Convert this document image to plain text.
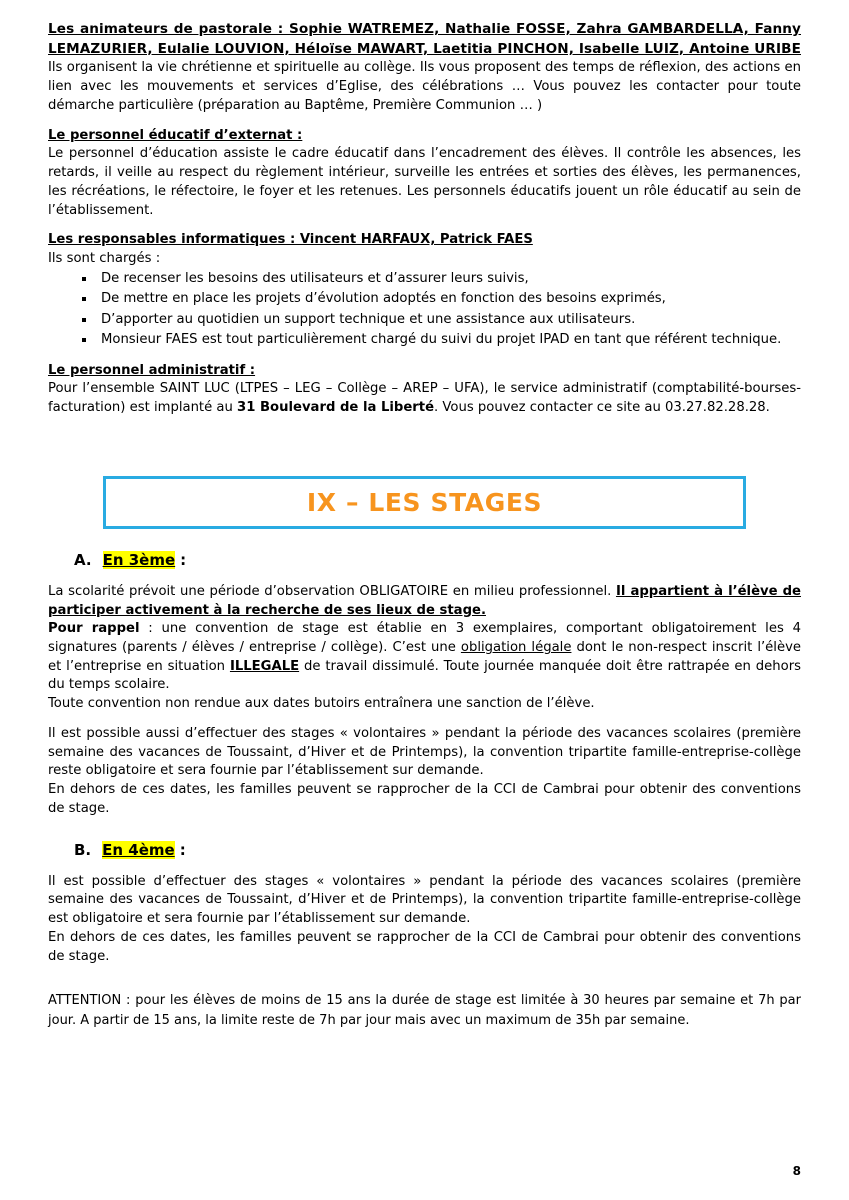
Les animateurs de pastorale : Sophie WATREMEZ, Nathalie FOSSE, Zahra GAMBARDELLA, Fanny
LEMAZURIER, Eulalie LOUVION, Héloïse MAWART, Laetitia PINCHON, Isabelle LUIZ, Antoine URIBE
Ils organisent la vie chrétienne et spirituelle au collège. Ils vous proposent des temps de réflexion, des actions en lien avec les mouvements et services d’Eglise, des célébrations … Vous pouvez les contacter pour toute démarche particulière (préparation au Baptême, Première Communion … )
Le personnel éducatif d’externat :
Le personnel d’éducation assiste le cadre éducatif dans l’encadrement des élèves. Il contrôle les absences, les retards, il veille au respect du règlement intérieur, surveille les entrées et sorties des élèves, les permanences, les récréations, le réfectoire, le foyer et les retenues. Les personnels éducatifs jouent un rôle éducatif au sein de l’établissement.
Les responsables informatiques : Vincent HARFAUX, Patrick FAES
Ils sont chargés :
De recenser les besoins des utilisateurs et d’assurer leurs suivis,
De mettre en place les projets d’évolution adoptés en fonction des besoins exprimés,
D’apporter au quotidien un support technique et une assistance aux utilisateurs.
Monsieur FAES est tout particulièrement chargé du suivi du projet IPAD en tant que référent technique.
Le personnel administratif :
Pour l’ensemble SAINT LUC (LTPES – LEG – Collège – AREP – UFA), le service administratif (comptabilité-bourses-facturation) est implanté au 31 Boulevard de la Liberté. Vous pouvez contacter ce site au 03.27.82.28.28.
IX – LES STAGES
A. En 3ème :
La scolarité prévoit une période d’observation OBLIGATOIRE en milieu professionnel. Il appartient à l’élève de participer activement à la recherche de ses lieux de stage.
Pour rappel : une convention de stage est établie en 3 exemplaires, comportant obligatoirement les 4 signatures (parents / élèves / entreprise / collège). C’est une obligation légale dont le non-respect inscrit l’élève et l’entreprise en situation ILLEGALE de travail dissimulé. Toute journée manquée doit être rattrapée en dehors du temps scolaire.
Toute convention non rendue aux dates butoirs entraînera une sanction de l’élève.
Il est possible aussi d’effectuer des stages « volontaires » pendant la période des vacances scolaires (première semaine des vacances de Toussaint, d’Hiver et de Printemps), la convention tripartite famille-entreprise-collège reste obligatoire et sera fournie par l’établissement sur demande.
En dehors de ces dates, les familles peuvent se rapprocher de la CCI de Cambrai pour obtenir des conventions de stage.
B. En 4ème :
Il est possible d’effectuer des stages « volontaires » pendant la période des vacances scolaires (première semaine des vacances de Toussaint, d’Hiver et de Printemps), la convention tripartite famille-entreprise-collège est obligatoire et sera fournie par l’établissement sur demande.
En dehors de ces dates, les familles peuvent se rapprocher de la CCI de Cambrai pour obtenir des conventions de stage.
ATTENTION : pour les élèves de moins de 15 ans la durée de stage est limitée à 30 heures par semaine et 7h par jour. A partir de 15 ans, la limite reste de 7h par jour mais avec un maximum de 35h par semaine.
8
